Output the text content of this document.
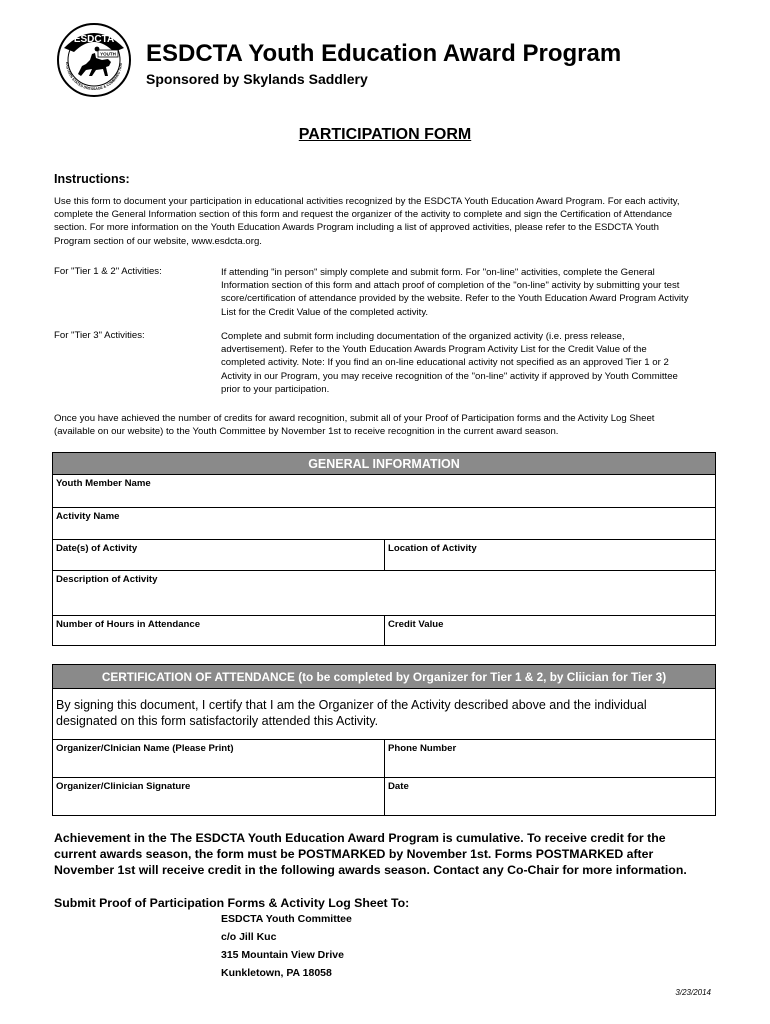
ESDCTA
YOUTH
EASTERN STATES DRESSAGE & COMBINED TRAI ESDCTA Youth Education Award Program
Sponsored by Skylands Saddlery
PARTICIPATION FORM
Instructions:
Use this form to document your participation in educational activities recognized by the ESDCTA Youth Education Award Program. For each activity,
complete the General Information section of this form and request the organizer of the activity to complete and sign the Certification of Attendance
section. For more information on the Youth Education Awards Program including a list of approved activities, please refer to the ESDCTA Youth
Program section of our website, www.esdcta.org.
For "Tier 1 & 2" Activities:	If attending "in person" simply complete and submit form. For "on-line" activities, complete the General
Information section of this form and attach proof of completion of the "on-line" activity by submitting your test
score/certification of attendance provided by the website. Refer to the Youth Education Award Program Activity
List for the Credit Value of the completed activity.
For "Tier 3" Activities:	Complete and submit form including documentation of the organized activity (i.e. press release,
advertisement). Refer to the Youth Education Awards Program Activity List for the Credit Value of the
completed activity. Note: If you find an on-line educational activity not specified as an approved Tier 1 or 2
Activity in our Program, you may receive recognition of the "on-line" activity if approved by Youth Committee
prior to your participation.
Once you have achieved the number of credits for award recognition, submit all of your Proof of Participation forms and the Activity Log Sheet
(available on our website) to the Youth Committee by November 1st to receive recognition in the current award season.
GENERAL INFORMATION
Youth Member Name
Activity Name
Date(s) of Activity	Location of Activity
Description of Activity
Number of Hours in Attendance	Credit Value
CERTIFICATION OF ATTENDANCE (to be completed by Organizer for Tier 1 & 2, by Cliician for Tier 3)
By signing this document, I certify that I am the Organizer of the Activity described above and the individual
designated on this form satisfactorily attended this Activity.
Organizer/Clnician Name (Please Print)	Phone Number
Organizer/Clinician Signature	Date
Achievement in the The ESDCTA Youth Education Award Program is cumulative. To receive credit for the
current awards season, the form must be POSTMARKED by November 1st. Forms POSTMARKED after
November 1st will receive credit in the following awards season. Contact any Co-Chair for more information.
Submit Proof of Participation Forms & Activity Log Sheet To:
ESDCTA Youth Committee
c/o Jill Kuc
315 Mountain View Drive
Kunkletown, PA 18058
3/23/2014
